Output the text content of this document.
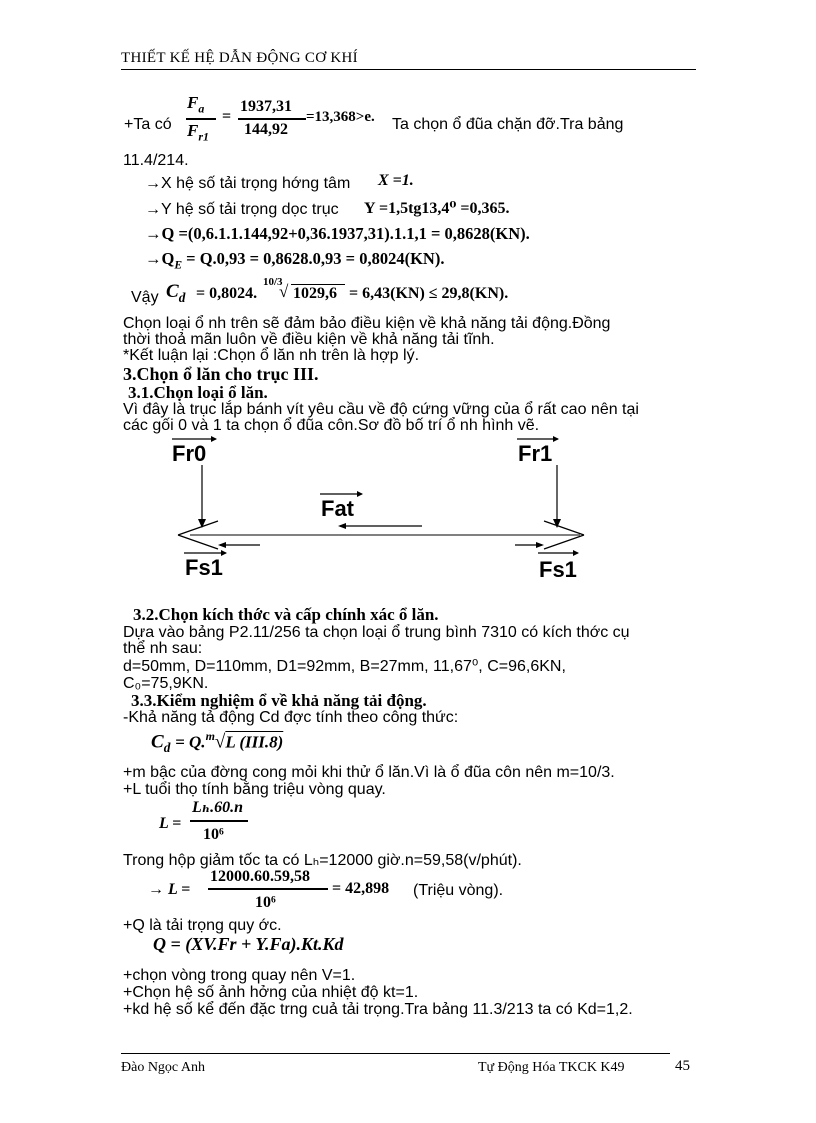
THIẾT KẾ HỆ DẪN ĐỘNG CƠ KHÍ
+Ta có
$F_a$
$F_{r1}$
=
1937,31
144,92
=13,368>e. Ta chọn ổ đũa chặn đỡ.Tra bảng
11.4/214.
→X hệ số tải trọng hớng tâm X =1.
→Y hệ số tải trọng dọc trục Y =1,5tg13,4⁰ =0,365.
→Q =(0,6.1.1.144,92+0,36.1937,31).1.1,1 = 0,8628(KN).
$\to Q_E = Q.0,93 = 0,8628.0,93 = 0,8024(KN)$.
Vậy $C_d = 0,8024$.
10/3
√ 1029,6 = 6,43(KN) ≤ 29,8(KN).
Chọn loại ổ nh trên sẽ đảm bảo điều kiện về khả năng tải động.Đồng
thời thoả mãn luôn về điều kiện về khả năng tải tĩnh.
*Kết luận lại :Chọn ổ lăn nh trên là hợp lý.
3.Chọn ổ lăn cho trục III.
3.1.Chọn loại ổ lăn.
Vì đây là trục lắp bánh vít yêu cầu về độ cứng vững của ổ rất cao nên tại
các gối 0 và 1 ta chọn ổ đũa côn.Sơ đồ bố trí ổ nh hình vẽ.
Fr0	Fr1
Fat
Fs1	Fs1
3.2.Chọn kích thớc và cấp chính xác ổ lăn.
Dựa vào bảng P2.11/256 ta chọn loại ổ trung bình 7310 có kích thớc cụ
thể nh sau:
d=50mm, D=110mm, D1=92mm, B=27mm, 11,67⁰, C=96,6KN,
C₀=75,9KN.
3.3.Kiểm nghiệm ổ về khả năng tải động.
-Khả năng tả động Cd đợc tính theo công thức:
$C_d = Q.^m√L$ (III.8)
+m bậc của đờng cong mỏi khi thử ổ lăn.Vì là ổ đũa côn nên m=10/3.
+L tuổi thọ tính bằng triệu vòng quay.
L =
Lₕ.60.n
10⁶
Trong hộp giảm tốc ta có Lₕ=12000 giờ.n=59,58(v/phút).
→ L =
12000.60.59,58
10⁶
= 42,898 (Triệu vòng).
+Q là tải trọng quy ớc.
Q = (XV.Fr + Y.Fa).Kt.Kd
+chọn vòng trong quay nên V=1.
+Chọn hệ số ảnh hởng của nhiệt độ kt=1.
+kd hệ số kể đến đặc trng cuả tải trọng.Tra bảng 11.3/213 ta có Kd=1,2.
Đào Ngọc Anh	Tự Động Hóa TKCK K49	45
